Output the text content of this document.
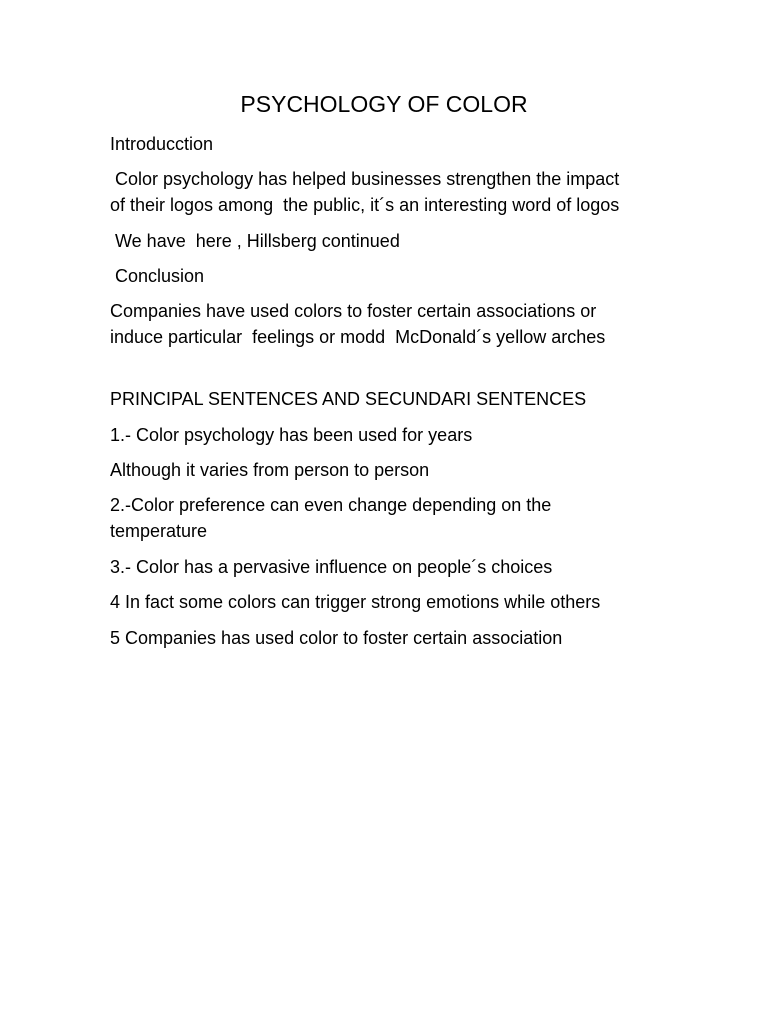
PSYCHOLOGY OF COLOR
Introducction
Color psychology has helped businesses strengthen the impact
of their logos among  the public, it´s an interesting word of logos
We have  here , Hillsberg continued
Conclusion
Companies have used colors to foster certain associations or
induce particular  feelings or modd  McDonald´s yellow arches
PRINCIPAL SENTENCES AND SECUNDARI SENTENCES
1.- Color psychology has been used for years
Although it varies from person to person
2.-Color preference can even change depending on the
temperature
3.- Color has a pervasive influence on people´s choices
4 In fact some colors can trigger strong emotions while others
5 Companies has used color to foster certain association
